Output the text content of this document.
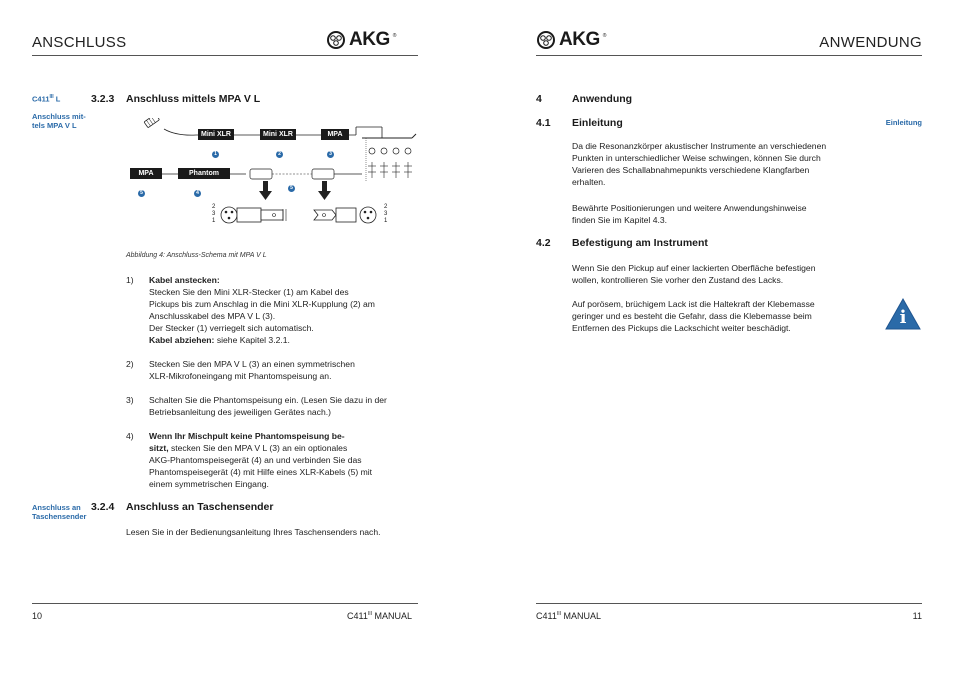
ANSCHLUSS	AKG ®
$C411^{III}$ L
Anschluss mit-
tels MPA V L
3.2.3 Anschluss mittels MPA V L
Mini XLR	Mini XLR	MPA
MPA	Phantom
1	2	3
4
5
5
2
3
1
2
3
1
Abbildung 4: Anschluss-Schema mit MPA V L
1) Kabel anstecken:
Stecken Sie den Mini XLR-Stecker (1) am Kabel des
Pickups bis zum Anschlag in die Mini XLR-Kupplung (2) am
Anschlusskabel des MPA V L (3).
Der Stecker (1) verriegelt sich automatisch.
Kabel abziehen: siehe Kapitel 3.2.1.
2) Stecken Sie den MPA V L (3) an einen symmetrischen
XLR-Mikrofoneingang mit Phantomspeisung an.
3) Schalten Sie die Phantomspeisung ein. (Lesen Sie dazu in der
Betriebsanleitung des jeweiligen Gerätes nach.)
4) Wenn Ihr Mischpult keine Phantomspeisung be-
sitzt, stecken Sie den MPA V L (3) an ein optionales
AKG-Phantomspeisegerät (4) an und verbinden Sie das
Phantomspeisegerät (4) mit Hilfe eines XLR-Kabels (5) mit
einem symmetrischen Eingang.
Anschluss an
Taschensender
3.2.4 Anschluss an Taschensender
Lesen Sie in der Bedienungsanleitung Ihres Taschensenders nach.
10	$C411^{III}$ MANUAL
AKG ®	ANWENDUNG
4	Anwendung
4.1 Einleitung	Einleitung
Da die Resonanzkörper akustischer Instrumente an verschiedenen
Punkten in unterschiedlicher Weise schwingen, können Sie durch
Varieren des Schallabnahmepunkts verschiedene Klangfarben
erhalten.
Bewährte Positionierungen und weitere Anwendungshinweise
finden Sie im Kapitel 4.3.
4.2 Befestigung am Instrument
Wenn Sie den Pickup auf einer lackierten Oberfläche befestigen
wollen, kontrollieren Sie vorher den Zustand des Lacks.
Auf porösem, brüchigem Lack ist die Haltekraft der Klebemasse
geringer und es besteht die Gefahr, dass die Klebemasse beim
Entfernen des Pickups die Lackschicht weiter beschädigt.	i
$C411^{III}$ MANUAL	11
